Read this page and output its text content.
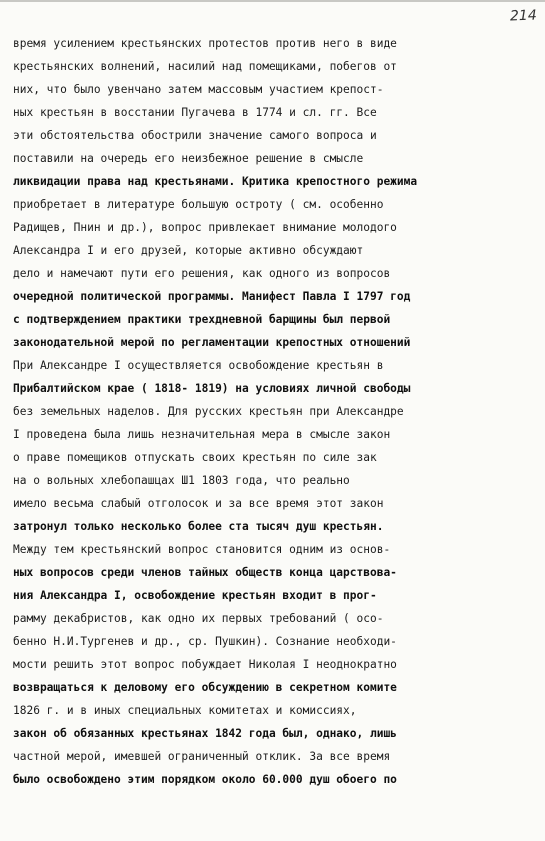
214
время усилением крестьянских протестов против него в виде
крестьянских волнений, насилий над помещиками, побегов от
них, что было увенчано затем массовым участием крепост-
ных крестьян в восстании Пугачева в 1774 и сл. гг. Все
эти обстоятельства обострили значение самого вопроса и
поставили на очередь его неизбежное решение в смысле
ликвидации права над крестьянами. Критика крепостного режима
приобретает в литературе большую остроту ( см. особенно
Радищев, Пнин и др.), вопрос привлекает внимание молодого
Александра I и его друзей, которые активно обсуждают
дело и намечают пути его решения, как одного из вопросов
очередной политической программы. Манифест Павла I 1797 год
с подтверждением практики трехдневной барщины был первой
законодательной мерой по регламентации крепостных отношений
При Александре I осуществляется освобождение крестьян в
Прибалтийском крае ( 1818- 1819) на условиях личной свободы
без земельных наделов. Для русских крестьян при Александре
I проведена была лишь незначительная мера в смысле закон
о праве помещиков отпускать своих крестьян по силе зак
на о вольных хлебопашцах Ш1 1803 года, что реально
имело весьма слабый отголосок и за все время этот закон
затронул только несколько более ста тысяч душ крестьян.
Между тем крестьянский вопрос становится одним из основ-
ных вопросов среди членов тайных обществ конца царствова-
ния Александра I, освобождение крестьян входит в прог-
рамму декабристов, как одно их первых требований ( осо-
бенно Н.И.Тургенев и др., ср. Пушкин). Сознание необходи-
мости решить этот вопрос побуждает Николая I неоднократно
возвращаться к деловому его обсуждению в секретном комите
1826 г. и в иных специальных комитетах и комиссиях,
закон об обязанных крестьянах 1842 года был, однако, лишь
частной мерой, имевшей ограниченный отклик. За все время
было освобождено этим порядком около 60.000 душ обоего по
